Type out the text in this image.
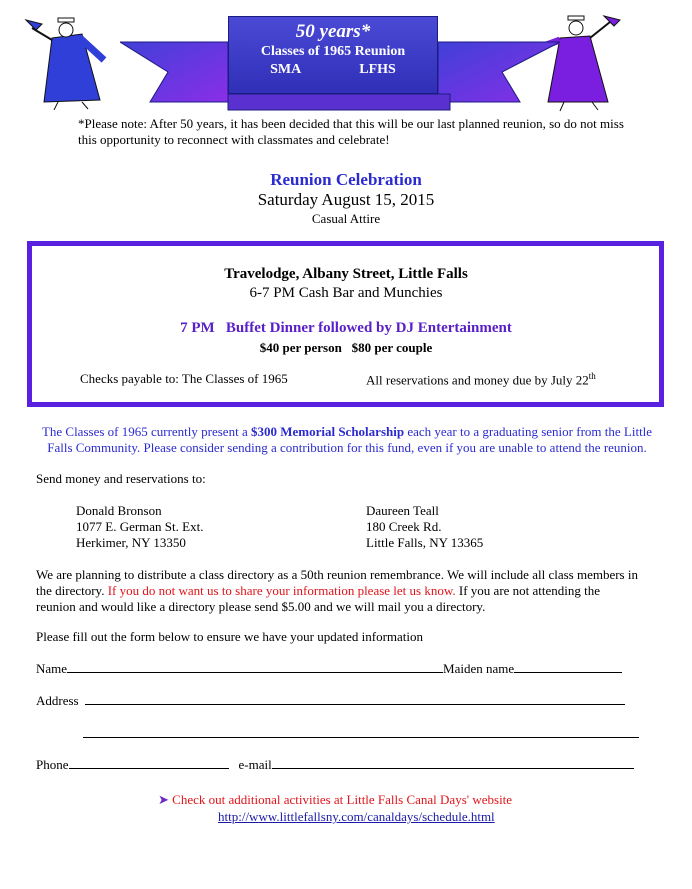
50 years*
Classes of 1965 Reunion
SMA	LFHS
*Please note: After 50 years, it has been decided that this will be our last planned reunion, so do not miss this opportunity to reconnect with classmates and celebrate!
Reunion Celebration
Saturday August 15, 2015
Casual Attire
Travelodge, Albany Street, Little Falls
6-7 PM Cash Bar and Munchies
7 PM   Buffet Dinner followed by DJ Entertainment
$40 per person   $80 per couple
Checks payable to: The Classes of 1965	All reservations and money due by July 22th
The Classes of 1965 currently present a $300 Memorial Scholarship each year to a graduating senior from the Little Falls Community. Please consider sending a contribution for this fund, even if you are unable to attend the reunion.
Send money and reservations to:
Donald Bronson
1077 E. German St. Ext.
Herkimer, NY 13350
Daureen Teall
180 Creek Rd.
Little Falls, NY 13365
We are planning to distribute a class directory as a 50th reunion remembrance. We will include all class members in the directory. If you do not want us to share your information please let us know. If you are not attending the reunion and would like a directory please send $5.00 and we will mail you a directory.
Please fill out the form below to ensure we have your updated information
Name	Maiden name
Address
Phone	e-mail
➤ Check out additional activities at Little Falls Canal Days' website
http://www.littlefallsny.com/canaldays/schedule.html
